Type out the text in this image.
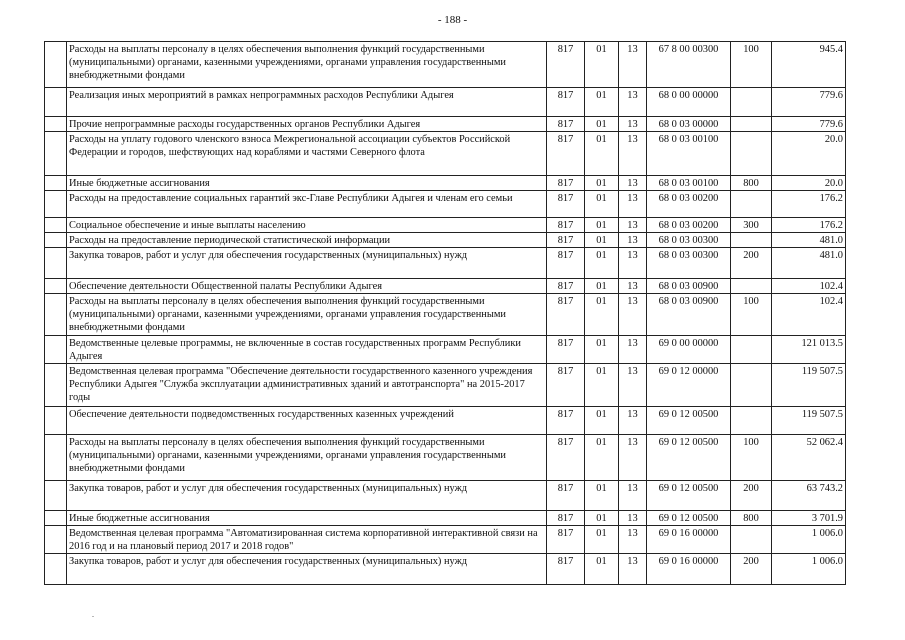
- 188 -
	Расходы на выплаты персоналу в целях обеспечения выполнения функций государственными (муниципальными) органами, казенными учреждениями, органами управления государственными внебюджетными фондами	817	01	13	67 8 00 00300	100	945.4
	Реализация иных мероприятий в рамках непрограммных расходов Республики Адыгея	817	01	13	68 0 00 00000		779.6
	Прочие непрограммные расходы государственных органов Республики Адыгея	817	01	13	68 0 03 00000		779.6
	Расходы на уплату годового членского взноса Межрегиональной ассоциации субъектов Российской Федерации и городов, шефствующих над кораблями и частями Северного флота	817	01	13	68 0 03 00100		20.0
	Иные бюджетные ассигнования	817	01	13	68 0 03 00100	800	20.0
	Расходы на предоставление социальных гарантий экс-Главе Республики Адыгея и членам его семьи	817	01	13	68 0 03 00200		176.2
	Социальное обеспечение и иные выплаты населению	817	01	13	68 0 03 00200	300	176.2
	Расходы на предоставление периодической статистической информации	817	01	13	68 0 03 00300		481.0
	Закупка товаров, работ и услуг для обеспечения государственных (муниципальных) нужд	817	01	13	68 0 03 00300	200	481.0
	Обеспечение деятельности Общественной палаты Республики Адыгея	817	01	13	68 0 03 00900		102.4
	Расходы на выплаты персоналу в целях обеспечения выполнения функций государственными (муниципальными) органами, казенными учреждениями, органами управления государственными внебюджетными фондами	817	01	13	68 0 03 00900	100	102.4
	Ведомственные целевые программы, не включенные в состав государственных программ Республики Адыгея	817	01	13	69 0 00 00000		121 013.5
	Ведомственная целевая программа "Обеспечение деятельности государственного казенного учреждения Республики Адыгея "Служба эксплуатации административных зданий и автотранспорта" на 2015-2017 годы	817	01	13	69 0 12 00000		119 507.5
	Обеспечение деятельности подведомственных государственных казенных учреждений	817	01	13	69 0 12 00500		119 507.5
	Расходы на выплаты персоналу в целях обеспечения выполнения функций государственными (муниципальными) органами, казенными учреждениями, органами управления государственными внебюджетными фондами	817	01	13	69 0 12 00500	100	52 062.4
	Закупка товаров, работ и услуг для обеспечения государственных (муниципальных) нужд	817	01	13	69 0 12 00500	200	63 743.2
	Иные бюджетные ассигнования	817	01	13	69 0 12 00500	800	3 701.9
	Ведомственная целевая программа "Автоматизированная система корпоративной интерактивной связи на 2016 год и на плановый период 2017 и 2018 годов"	817	01	13	69 0 16 00000		1 006.0
	Закупка товаров, работ и услуг для обеспечения государственных (муниципальных) нужд	817	01	13	69 0 16 00000	200	1 006.0
.
